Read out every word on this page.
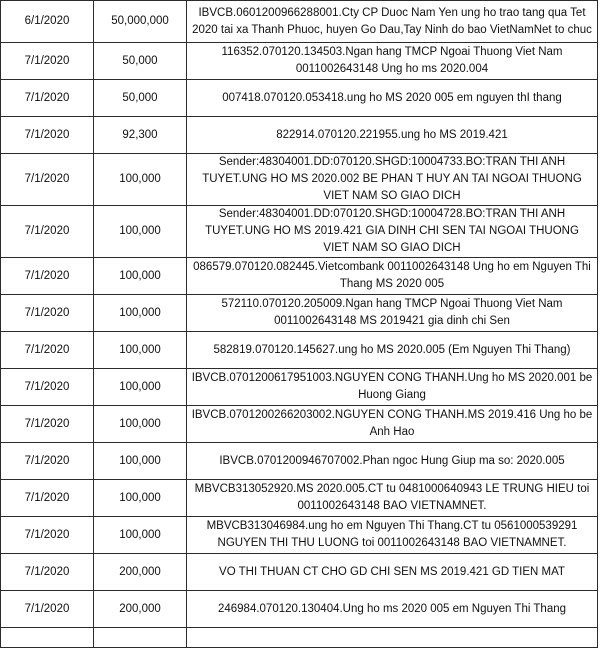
6/1/2020	50,000,000	IBVCB.0601200966288001.Cty CP Duoc Nam Yen ung ho trao tang qua Tet 2020 tai xa Thanh Phuoc, huyen Go Dau,Tay Ninh do bao VietNamNet to chuc
7/1/2020	50,000	116352.070120.134503.Ngan hang TMCP Ngoai Thuong Viet Nam 0011002643148 Ung ho ms 2020.004
7/1/2020	50,000	007418.070120.053418.ung ho MS 2020 005 em nguyen thI thang
7/1/2020	92,300	822914.070120.221955.ung ho MS 2019.421
7/1/2020	100,000	Sender:48304001.DD:070120.SHGD:10004733.BO:TRAN THI ANH TUYET.UNG HO MS 2020.002 BE PHAN T HUY AN TAI NGOAI THUONG VIET NAM SO GIAO DICH
7/1/2020	100,000	Sender:48304001.DD:070120.SHGD:10004728.BO:TRAN THI ANH TUYET.UNG HO MS 2019.421 GIA DINH CHI SEN TAI NGOAI THUONG VIET NAM SO GIAO DICH
7/1/2020	100,000	086579.070120.082445.Vietcombank 0011002643148 Ung ho em Nguyen Thi Thang MS 2020 005
7/1/2020	100,000	572110.070120.205009.Ngan hang TMCP Ngoai Thuong Viet Nam 0011002643148 MS 2019421 gia dinh chi Sen
7/1/2020	100,000	582819.070120.145627.ung ho MS 2020.005 (Em Nguyen Thi Thang)
7/1/2020	100,000	IBVCB.0701200617951003.NGUYEN CONG THANH.Ung ho MS 2020.001 be Huong Giang
7/1/2020	100,000	IBVCB.0701200266203002.NGUYEN CONG THANH.MS 2019.416 Ung ho be Anh Hao
7/1/2020	100,000	IBVCB.0701200946707002.Phan ngoc Hung Giup ma so: 2020.005
7/1/2020	100,000	MBVCB313052920.MS 2020.005.CT tu 0481000640943 LE TRUNG HIEU toi 0011002643148 BAO VIETNAMNET.
7/1/2020	100,000	MBVCB313046984.ung ho em Nguyen Thi Thang.CT tu 0561000539291 NGUYEN THI THU LUONG toi 0011002643148 BAO VIETNAMNET.
7/1/2020	200,000	VO THI THUAN CT CHO GD CHI SEN MS 2019.421 GD TIEN MAT
7/1/2020	200,000	246984.070120.130404.Ung ho ms 2020 005 em Nguyen Thi Thang
